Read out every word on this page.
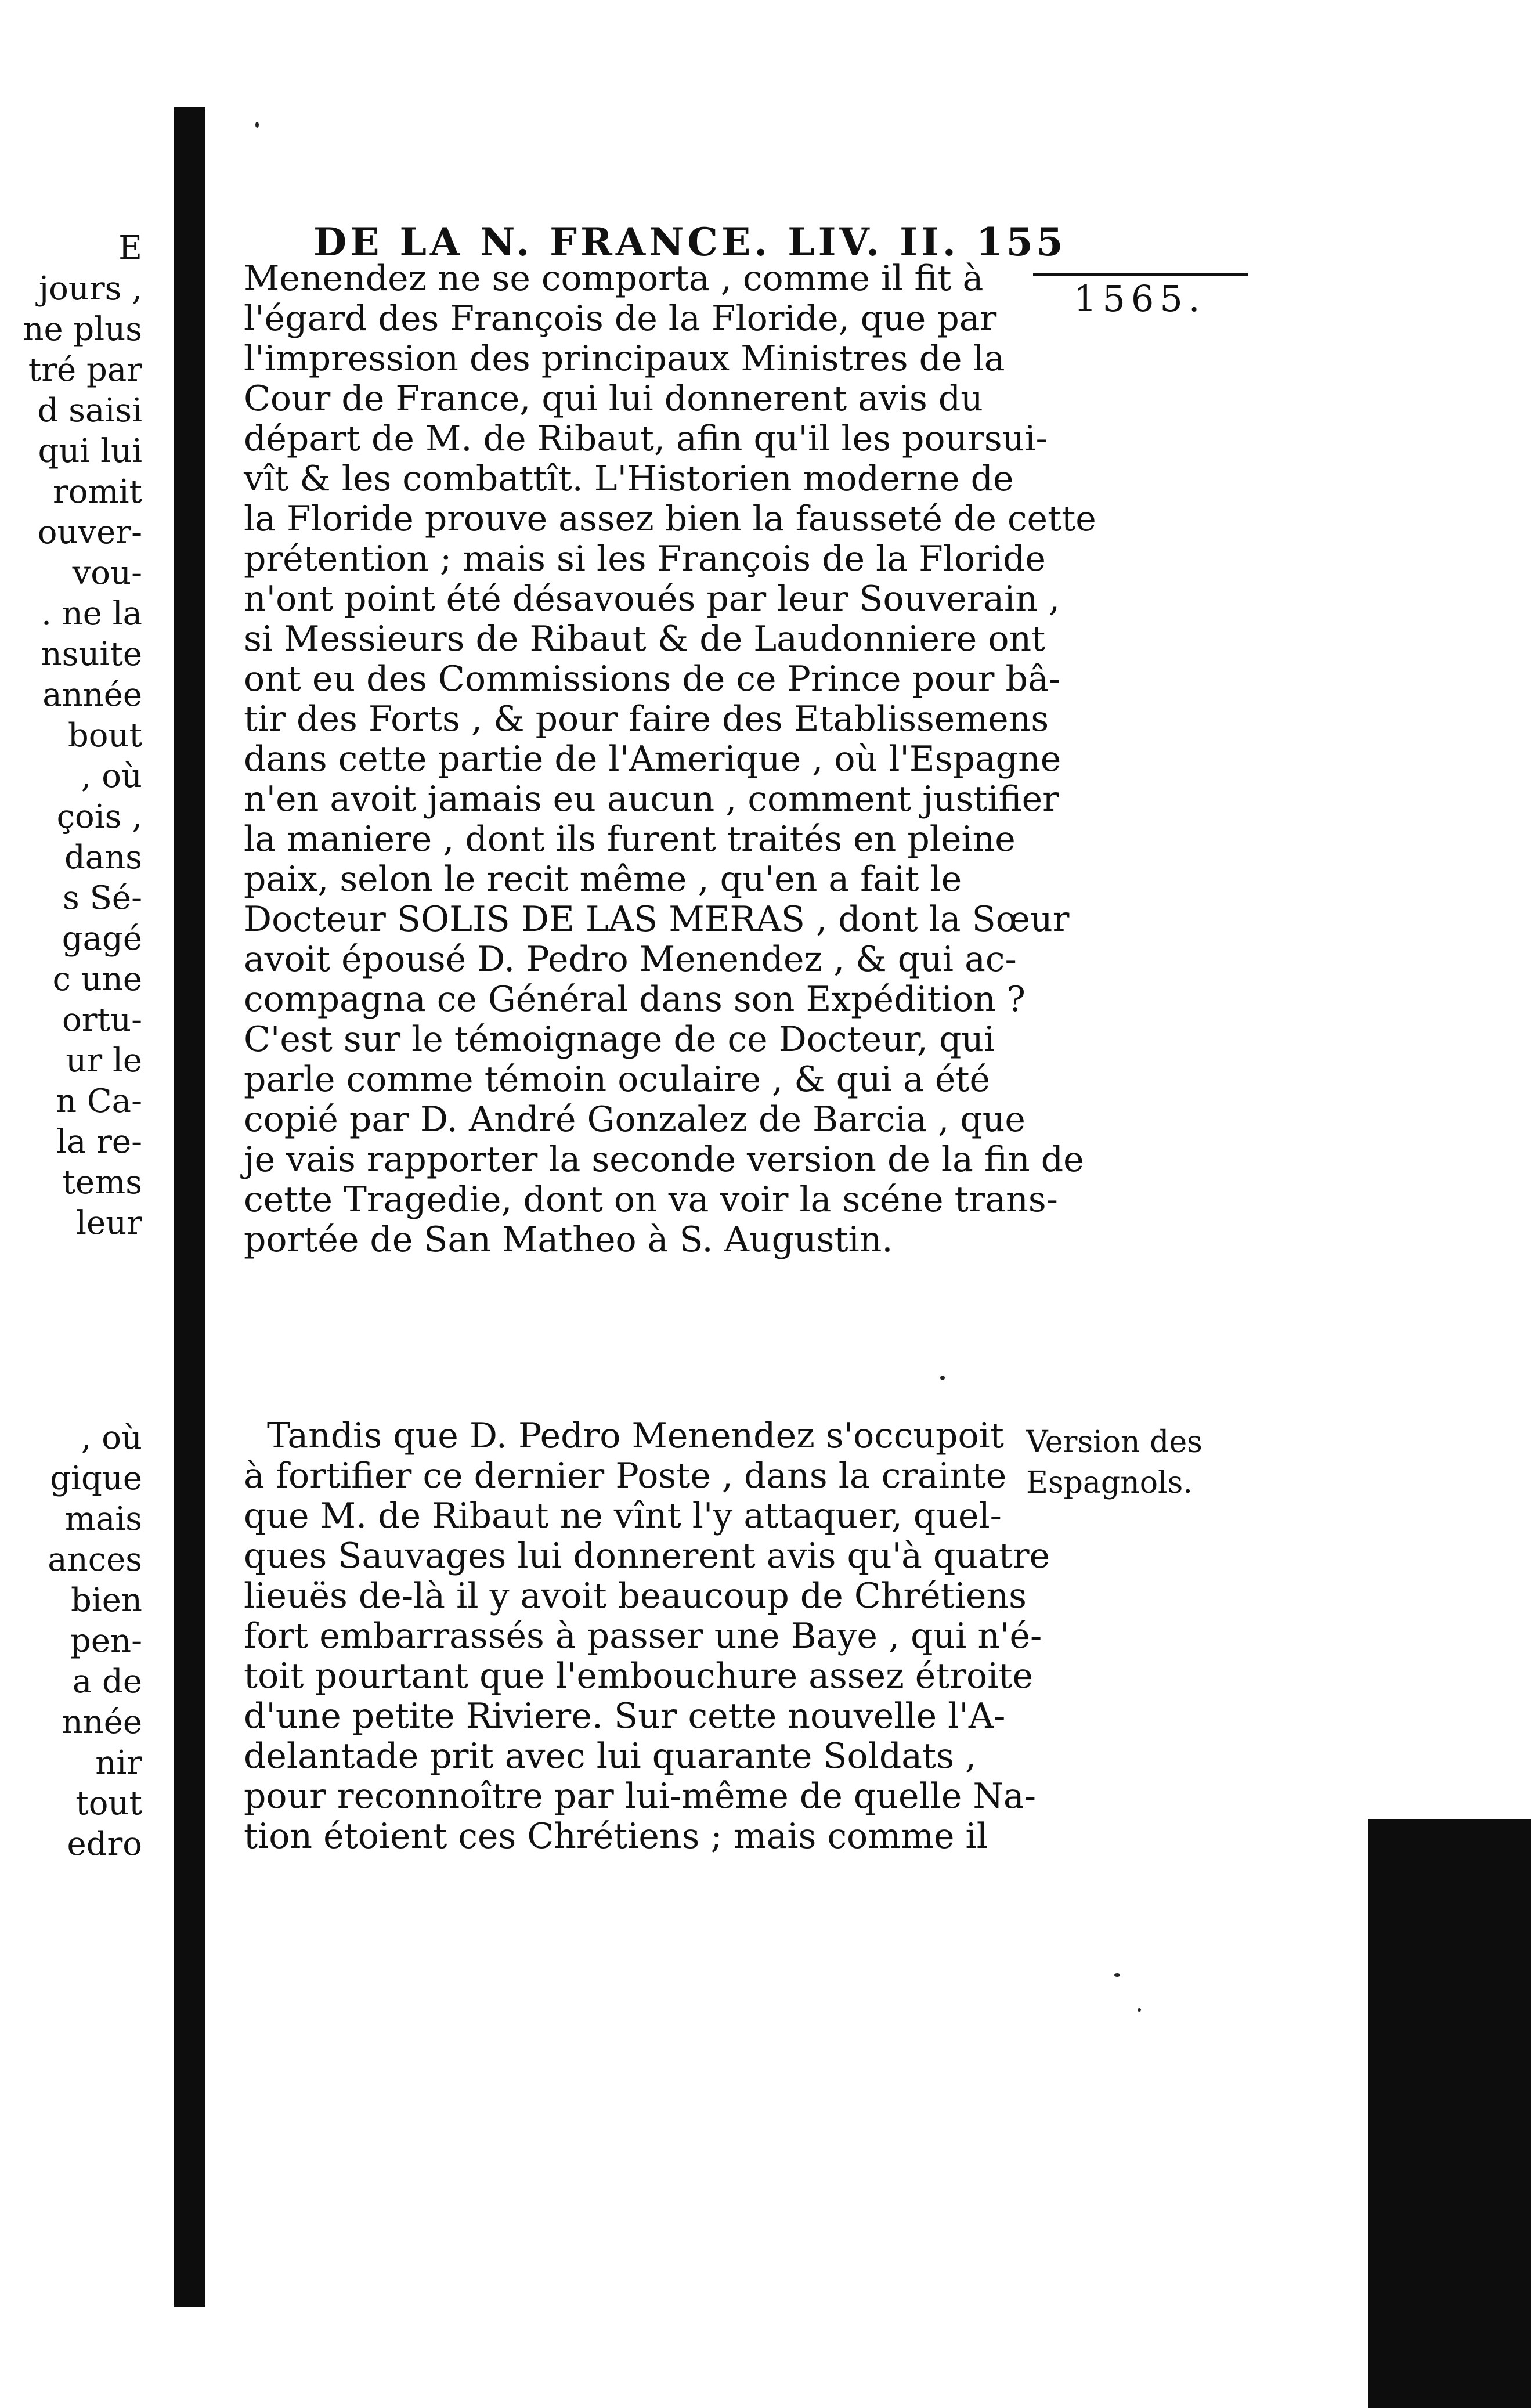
E
jours ,
ne plus
tré par
d saisi
qui lui
romit
ouver-
vou-
. ne la
nsuite
année
bout
, où
çois ,
dans
s Sé-
gagé
c une
ortu-
ur le
n Ca-
la re-
tems
leur
, où
gique
mais
ances
bien
pen-
a de
nnée
nir
tout
edro
DE LA N. FRANCE. LIV. II. 155
1565.
Menendez ne se comporta , comme il fit à
l'égard des François de la Floride, que par
l'impression des principaux Ministres de la
Cour de France, qui lui donnerent avis du
départ de M. de Ribaut, afin qu'il les poursui-
vît & les combattît. L'Historien moderne de
la Floride prouve assez bien la fausseté de cette
prétention ; mais si les François de la Floride
n'ont point été désavoués par leur Souverain ,
si Messieurs de Ribaut & de Laudonniere ont
ont eu des Commissions de ce Prince pour bâ-
tir des Forts , & pour faire des Etablissemens
dans cette partie de l'Amerique , où l'Espagne
n'en avoit jamais eu aucun , comment justifier
la maniere , dont ils furent traités en pleine
paix, selon le recit même , qu'en a fait le
Docteur SOLIS DE LAS MERAS , dont la Sœur
avoit épousé D. Pedro Menendez , & qui ac-
compagna ce Général dans son Expédition ?
C'est sur le témoignage de ce Docteur, qui
parle comme témoin oculaire , & qui a été
copié par D. André Gonzalez de Barcia , que
je vais rapporter la seconde version de la fin de
cette Tragedie, dont on va voir la scéne trans-
portée de San Matheo à S. Augustin.
Tandis que D. Pedro Menendez s'occupoit
à fortifier ce dernier Poste , dans la crainte
que M. de Ribaut ne vînt l'y attaquer, quel-
ques Sauvages lui donnerent avis qu'à quatre
lieuës de-là il y avoit beaucoup de Chrétiens
fort embarrassés à passer une Baye , qui n'é-
toit pourtant que l'embouchure assez étroite
d'une petite Riviere. Sur cette nouvelle l'A-
delantade prit avec lui quarante Soldats ,
pour reconnoître par lui-même de quelle Na-
tion étoient ces Chrétiens ; mais comme il
Version des
Espagnols.
